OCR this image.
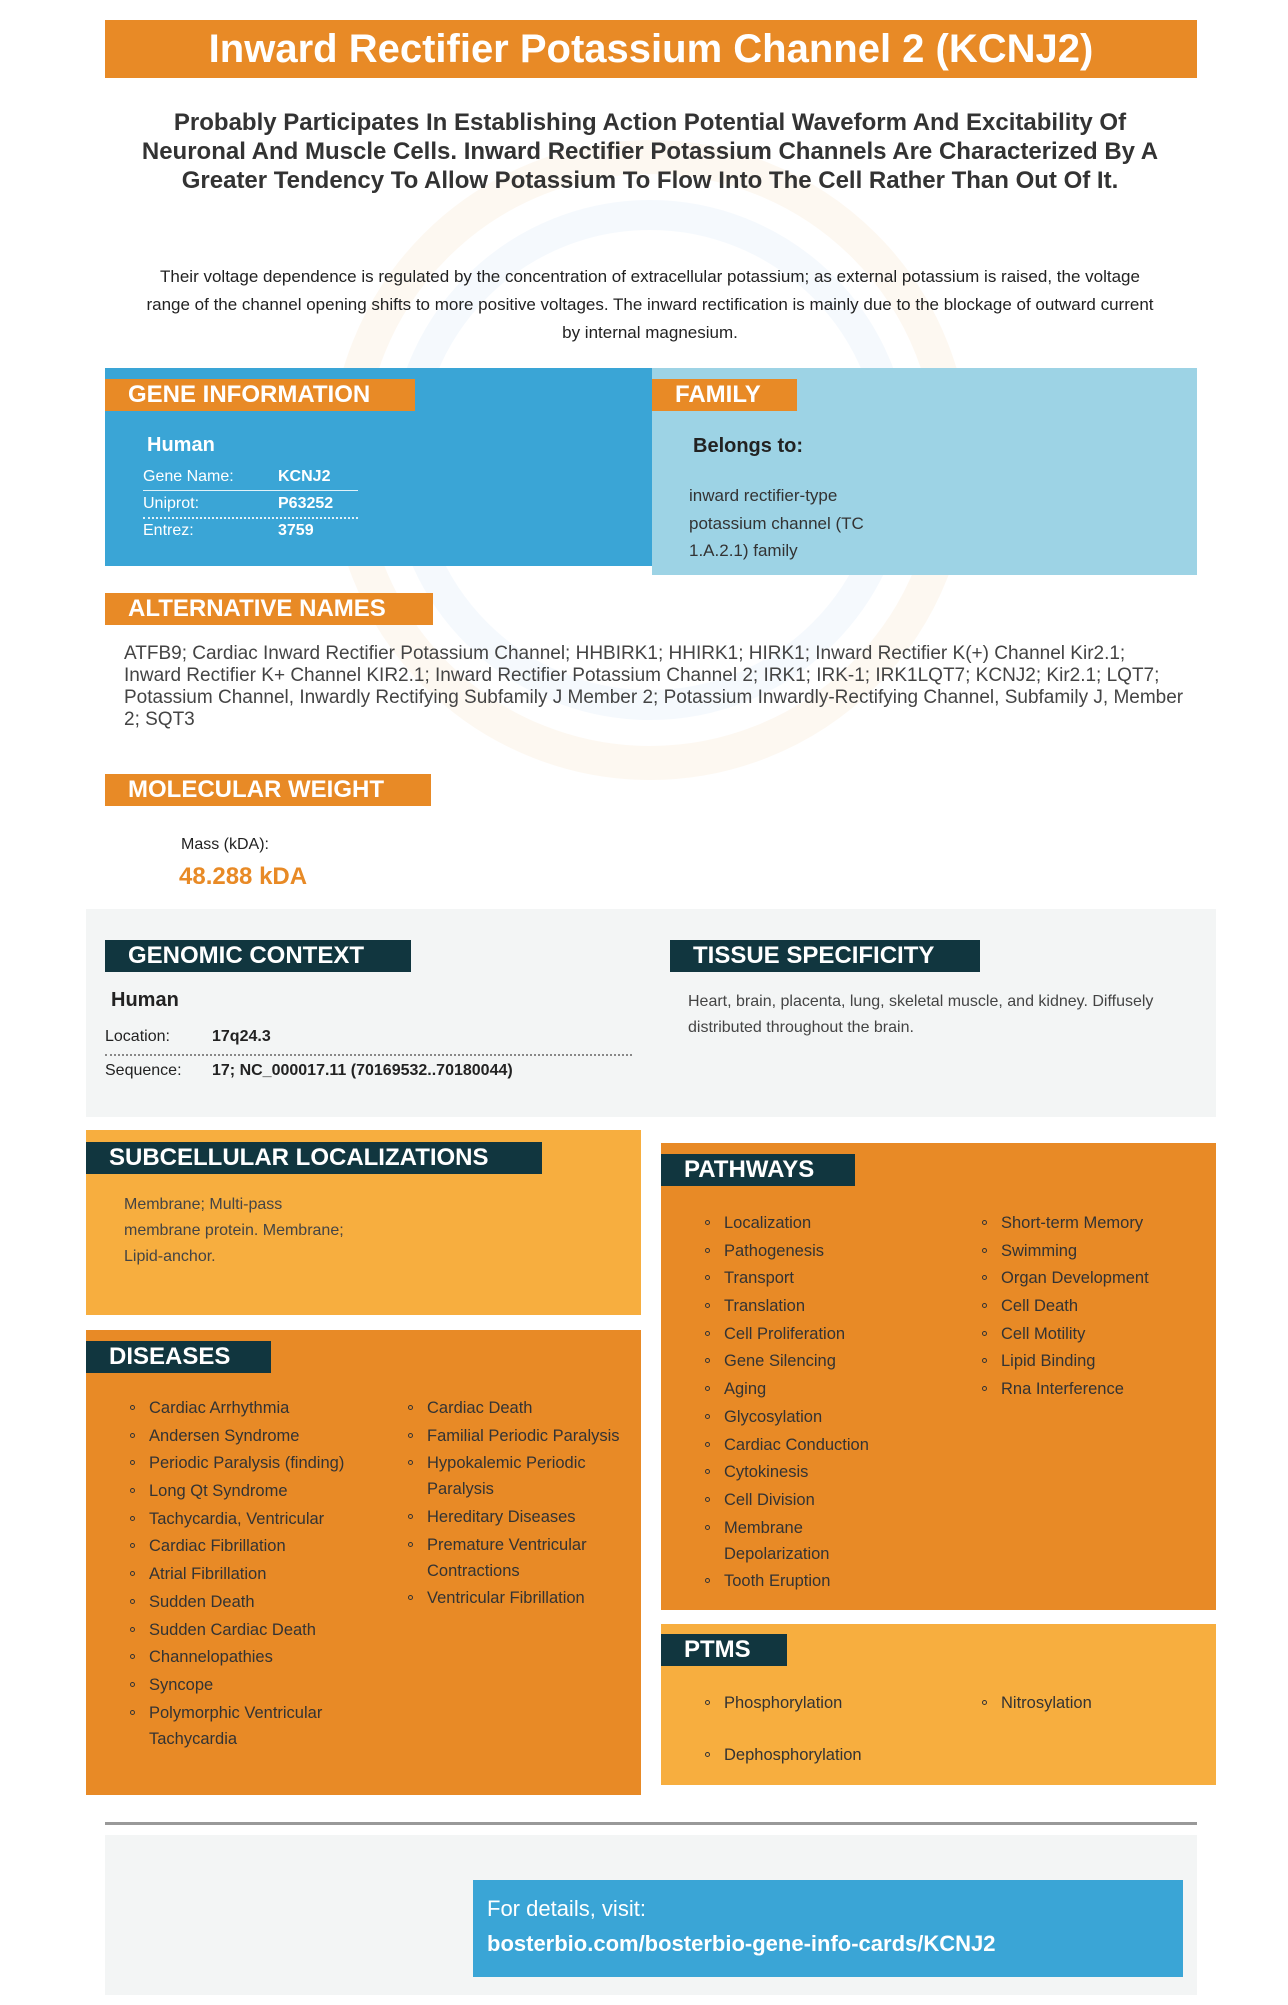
Inward Rectifier Potassium Channel 2 (KCNJ2)
Probably Participates In Establishing Action Potential Waveform And Excitability Of Neuronal And Muscle Cells. Inward Rectifier Potassium Channels Are Characterized By A Greater Tendency To Allow Potassium To Flow Into The Cell Rather Than Out Of It.
Their voltage dependence is regulated by the concentration of extracellular potassium; as external potassium is raised, the voltage range of the channel opening shifts to more positive voltages. The inward rectification is mainly due to the blockage of outward current by internal magnesium.
GENE INFORMATION
Human
Gene Name:	KCNJ2
Uniprot:	P63252
Entrez:	3759
FAMILY
Belongs to:
inward rectifier-type potassium channel (TC 1.A.2.1) family
ALTERNATIVE NAMES
ATFB9; Cardiac Inward Rectifier Potassium Channel; HHBIRK1; HHIRK1; HIRK1; Inward Rectifier K(+) Channel Kir2.1; Inward Rectifier K+ Channel KIR2.1; Inward Rectifier Potassium Channel 2; IRK1; IRK-1; IRK1LQT7; KCNJ2; Kir2.1; LQT7; Potassium Channel, Inwardly Rectifying Subfamily J Member 2; Potassium Inwardly-Rectifying Channel, Subfamily J, Member 2; SQT3
MOLECULAR WEIGHT
Mass (kDA):
48.288 kDA
GENOMIC CONTEXT
Human
Location:	17q24.3
Sequence: 17; NC_000017.11 (70169532..70180044)
TISSUE SPECIFICITY
Heart, brain, placenta, lung, skeletal muscle, and kidney. Diffusely distributed throughout the brain.
SUBCELLULAR LOCALIZATIONS
Membrane; Multi-pass membrane protein. Membrane; Lipid-anchor.
DISEASES
Cardiac Arrhythmia
Andersen Syndrome
Periodic Paralysis (finding)
Long Qt Syndrome
Tachycardia, Ventricular
Cardiac Fibrillation
Atrial Fibrillation
Sudden Death
Sudden Cardiac Death
Channelopathies
Syncope
Polymorphic Ventricular Tachycardia
Cardiac Death
Familial Periodic Paralysis
Hypokalemic Periodic Paralysis
Hereditary Diseases
Premature Ventricular Contractions
Ventricular Fibrillation
PATHWAYS
Localization
Pathogenesis
Transport
Translation
Cell Proliferation
Gene Silencing
Aging
Glycosylation
Cardiac Conduction
Cytokinesis
Cell Division
Membrane Depolarization
Tooth Eruption
Short-term Memory
Swimming
Organ Development
Cell Death
Cell Motility
Lipid Binding
Rna Interference
PTMS
Phosphorylation
Dephosphorylation
Nitrosylation
For details, visit:
bosterbio.com/bosterbio-gene-info-cards/KCNJ2
